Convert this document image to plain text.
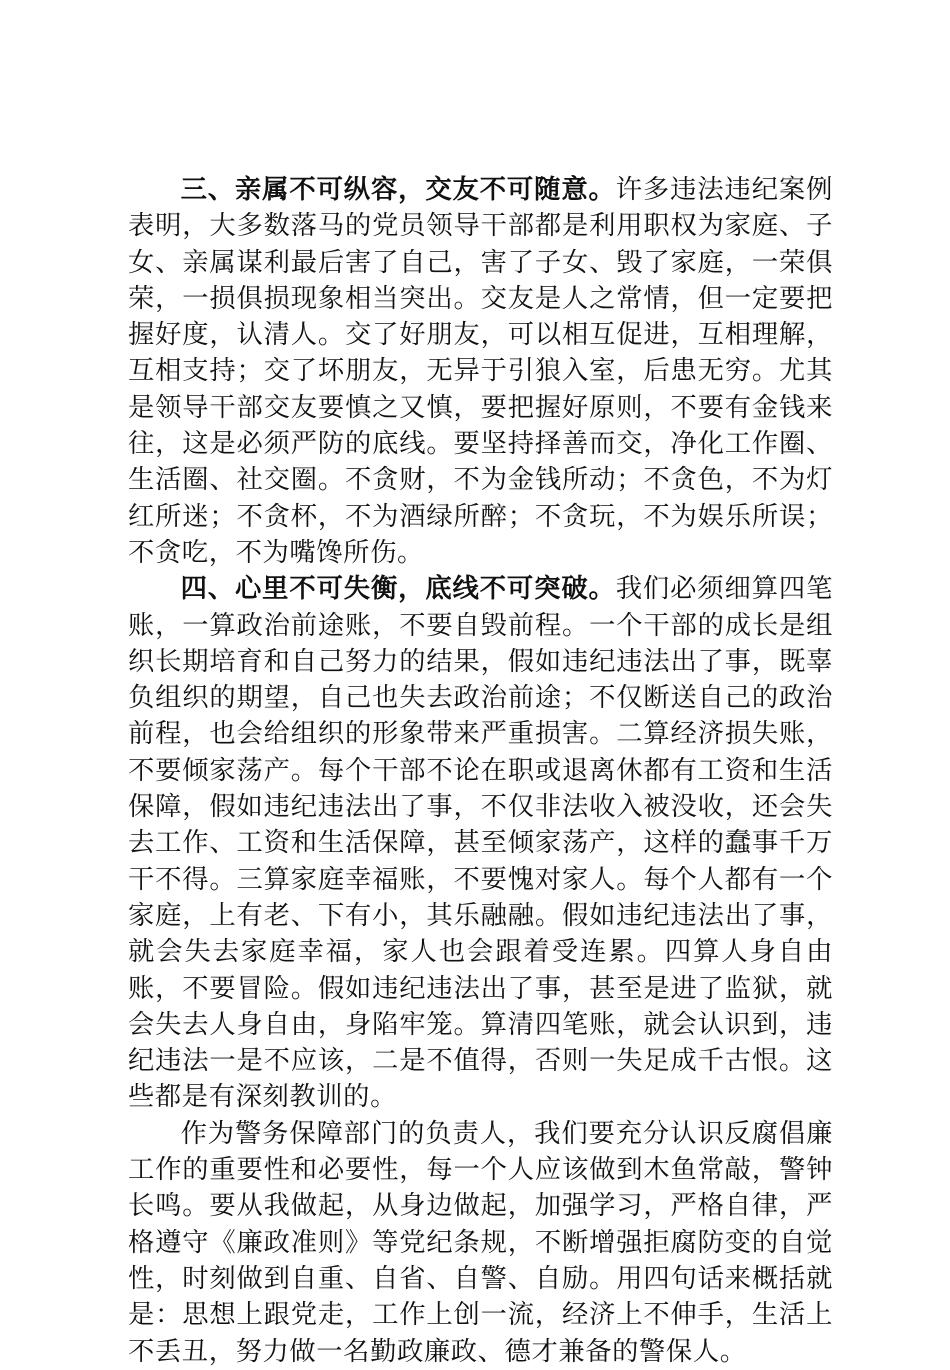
三、亲属不可纵容，交友不可随意。许多违法违纪案例表明，大多数落马的党员领导干部都是利用职权为家庭、子女、亲属谋利最后害了自己，害了子女、毁了家庭，一荣俱荣，一损俱损现象相当突出。交友是人之常情，但一定要把握好度，认清人。交了好朋友，可以相互促进，互相理解，互相支持；交了坏朋友，无异于引狼入室，后患无穷。尤其是领导干部交友要慎之又慎，要把握好原则，不要有金钱来往，这是必须严防的底线。要坚持择善而交，净化工作圈、生活圈、社交圈。不贪财，不为金钱所动；不贪色，不为灯红所迷；不贪杯，不为酒绿所醉；不贪玩，不为娱乐所误；不贪吃，不为嘴馋所伤。

四、心里不可失衡，底线不可突破。我们必须细算四笔账，一算政治前途账，不要自毁前程。一个干部的成长是组织长期培育和自己努力的结果，假如违纪违法出了事，既辜负组织的期望，自己也失去政治前途；不仅断送自己的政治前程，也会给组织的形象带来严重损害。二算经济损失账，不要倾家荡产。每个干部不论在职或退离休都有工资和生活保障，假如违纪违法出了事，不仅非法收入被没收，还会失去工作、工资和生活保障，甚至倾家荡产，这样的蠢事千万干不得。三算家庭幸福账，不要愧对家人。每个人都有一个家庭，上有老、下有小，其乐融融。假如违纪违法出了事，就会失去家庭幸福，家人也会跟着受连累。四算人身自由账，不要冒险。假如违纪违法出了事，甚至是进了监狱，就会失去人身自由，身陷牢笼。算清四笔账，就会认识到，违纪违法一是不应该，二是不值得，否则一失足成千古恨。这些都是有深刻教训的。

作为警务保障部门的负责人，我们要充分认识反腐倡廉工作的重要性和必要性，每一个人应该做到木鱼常敲，警钟长鸣。要从我做起，从身边做起，加强学习，严格自律，严格遵守《廉政准则》等党纪条规，不断增强拒腐防变的自觉性，时刻做到自重、自省、自警、自励。用四句话来概括就是：思想上跟党走，工作上创一流，经济上不伸手，生活上不丢丑，努力做一名勤政廉政、德才兼备的警保人。
